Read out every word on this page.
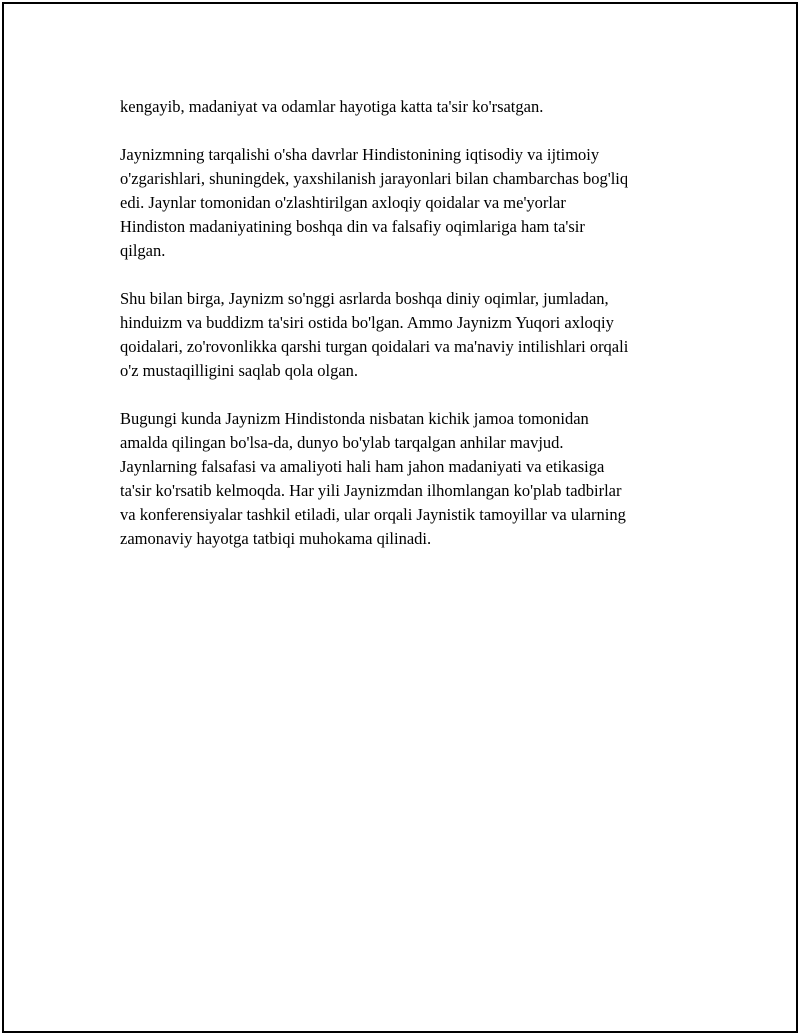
kengayib, madaniyat va odamlar hayotiga katta ta'sir ko'rsatgan.

Jaynizmning tarqalishi o'sha davrlar Hindistonining iqtisodiy va ijtimoiy
o'zgarishlari, shuningdek, yaxshilanish jarayonlari bilan chambarchas bog'liq
edi. Jaynlar tomonidan o'zlashtirilgan axloqiy qoidalar va me'yorlar
Hindiston madaniyatining boshqa din va falsafiy oqimlariga ham ta'sir
qilgan.

Shu bilan birga, Jaynizm so'nggi asrlarda boshqa diniy oqimlar, jumladan,
hinduizm va buddizm ta'siri ostida bo'lgan. Ammo Jaynizm Yuqori axloqiy
qoidalari, zo'rovonlikka qarshi turgan qoidalari va ma'naviy intilishlari orqali
o'z mustaqilligini saqlab qola olgan.

Bugungi kunda Jaynizm Hindistonda nisbatan kichik jamoa tomonidan
amalda qilingan bo'lsa-da, dunyo bo'ylab tarqalgan anhilar mavjud.
Jaynlarning falsafasi va amaliyoti hali ham jahon madaniyati va etikasiga
ta'sir ko'rsatib kelmoqda. Har yili Jaynizmdan ilhomlangan ko'plab tadbirlar
va konferensiyalar tashkil etiladi, ular orqali Jaynistik tamoyillar va ularning
zamonaviy hayotga tatbiqi muhokama qilinadi.
